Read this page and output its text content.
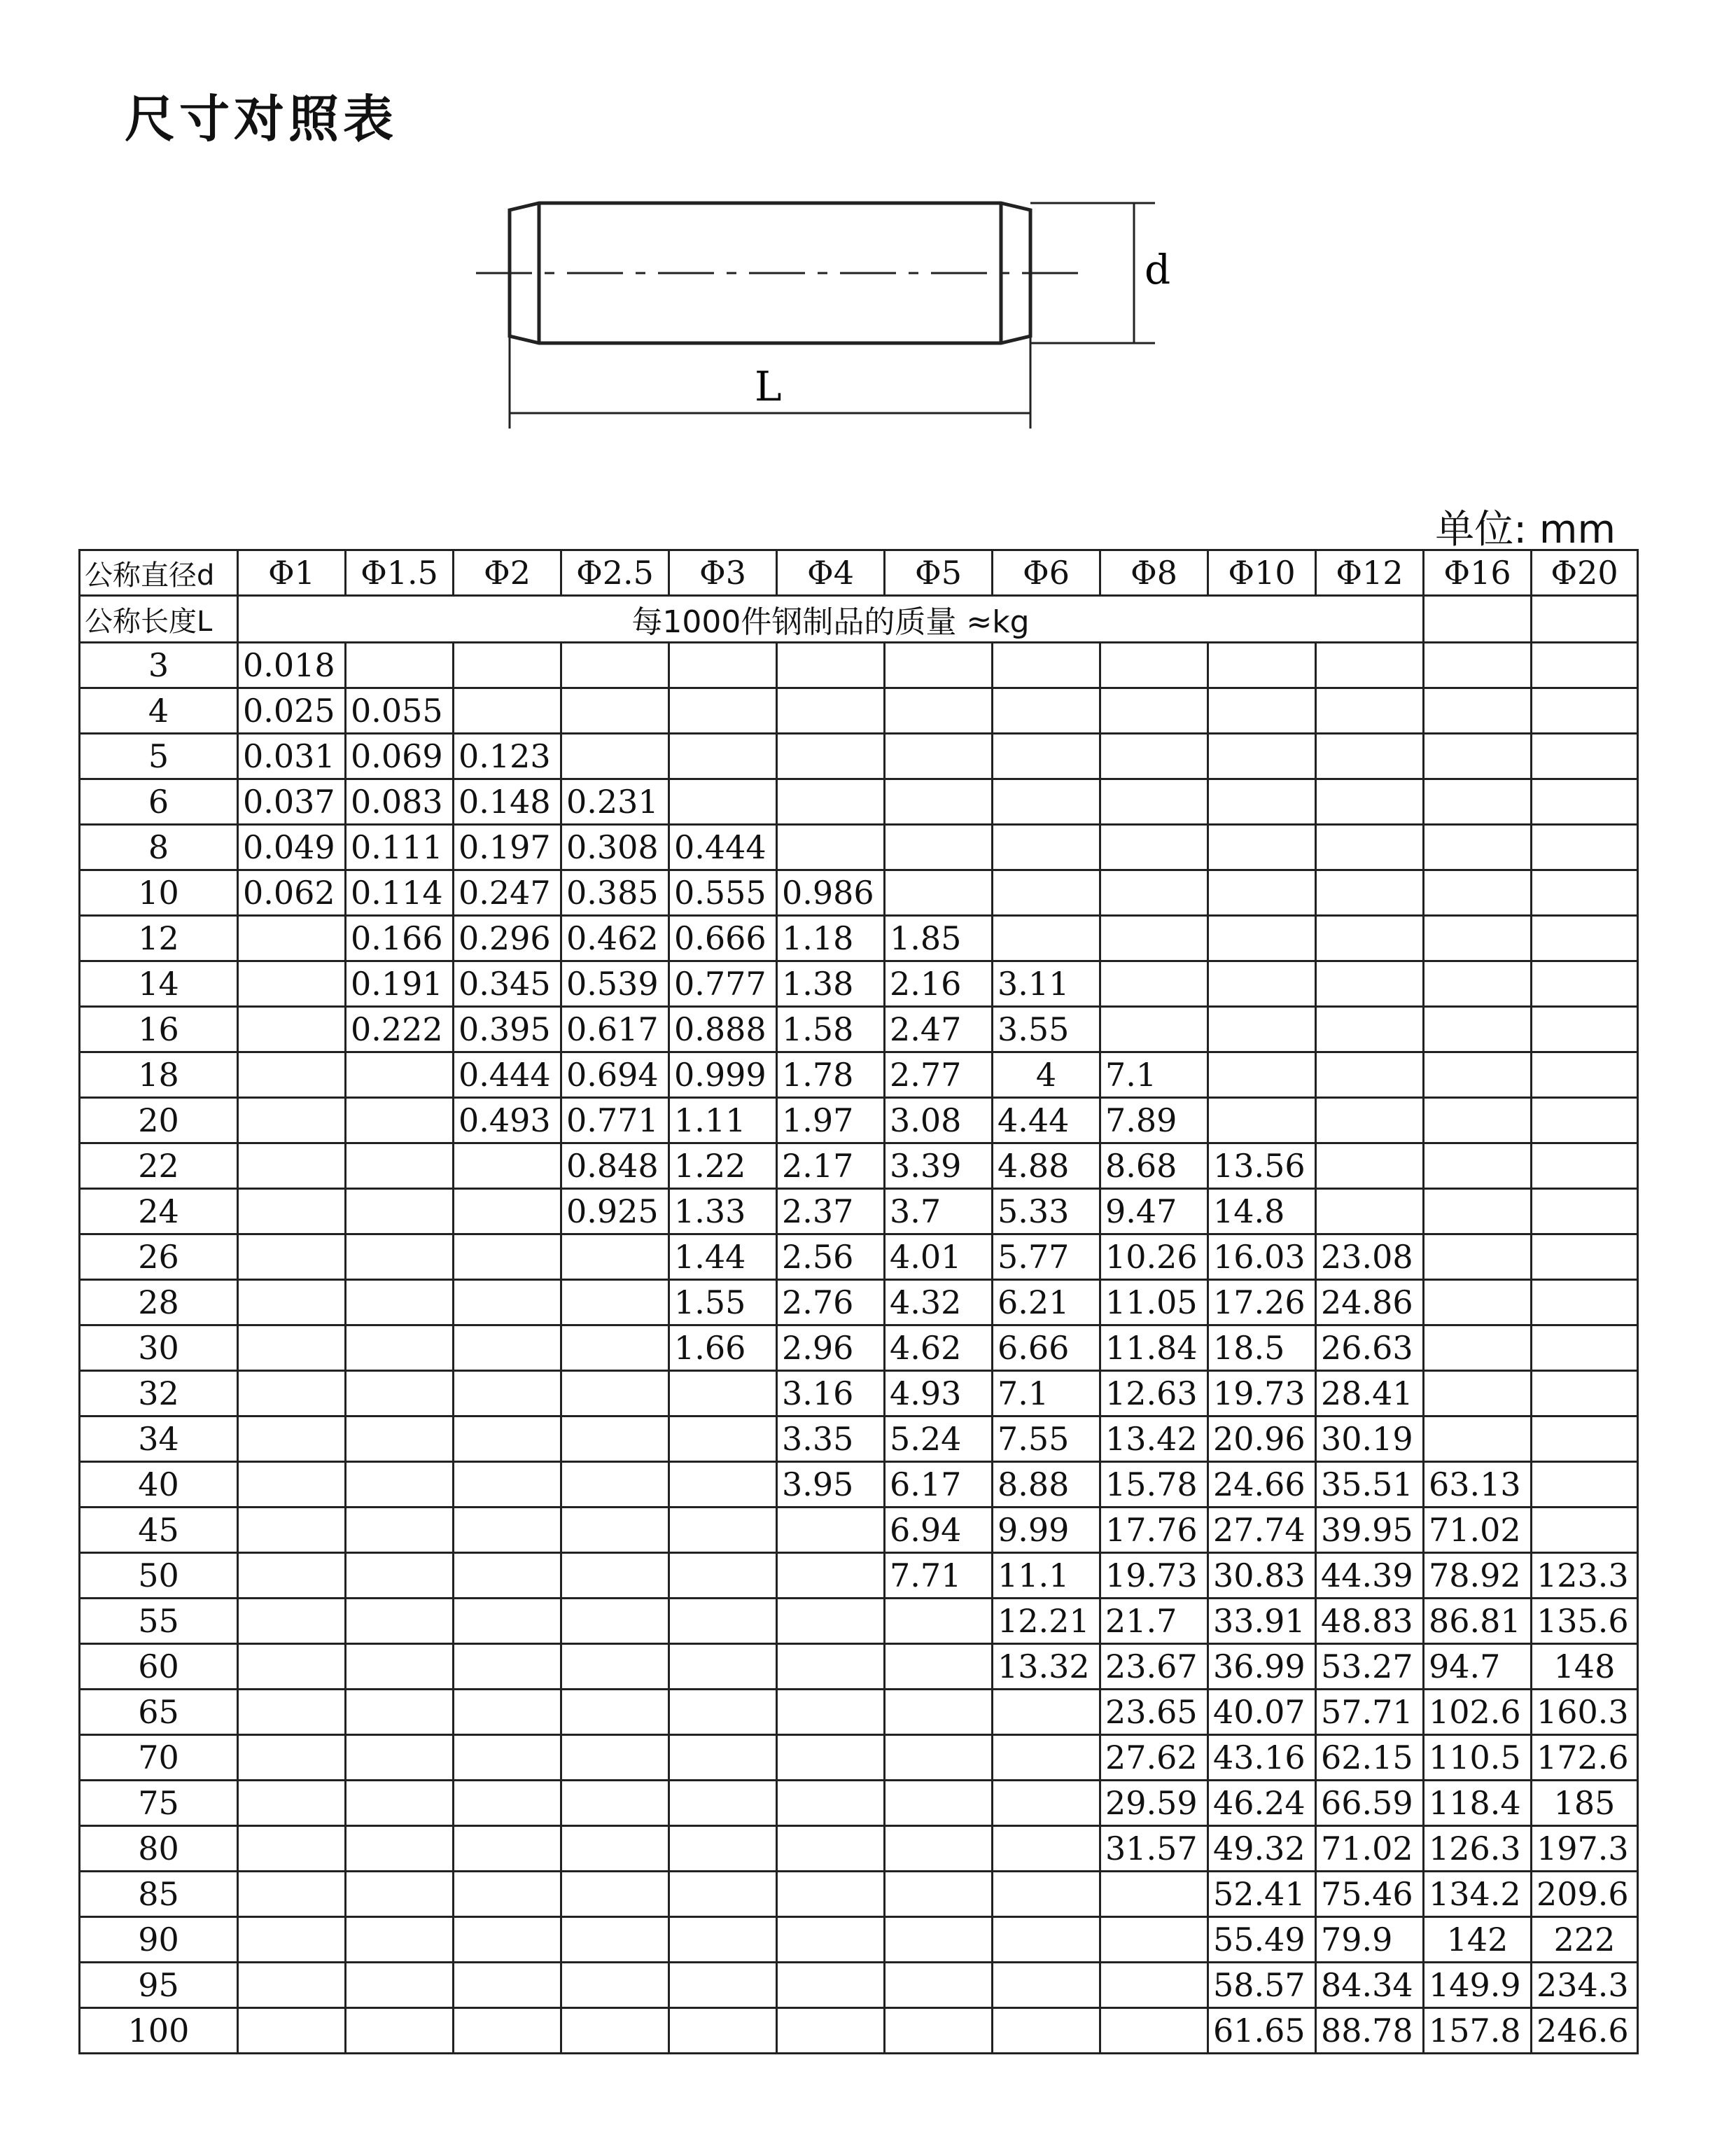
尺寸对照表
d
L
单位: mm
公称直径d	Φ1	Φ1.5	Φ2	Φ2.5	Φ3	Φ4	Φ5	Φ6	Φ8	Φ10	Φ12	Φ16	Φ20
公称长度L	每1000件钢制品的质量 ≈kg												
3	0.018												
4	0.025	0.055											
5	0.031	0.069	0.123										
6	0.037	0.083	0.148	0.231									
8	0.049	0.111	0.197	0.308	0.444								
10	0.062	0.114	0.247	0.385	0.555	0.986							
12		0.166	0.296	0.462	0.666	1.18	1.85						
14		0.191	0.345	0.539	0.777	1.38	2.16	3.11					
16		0.222	0.395	0.617	0.888	1.58	2.47	3.55					
18			0.444	0.694	0.999	1.78	2.77	4	7.1				
20			0.493	0.771	1.11	1.97	3.08	4.44	7.89				
22				0.848	1.22	2.17	3.39	4.88	8.68	13.56			
24				0.925	1.33	2.37	3.7	5.33	9.47	14.8			
26					1.44	2.56	4.01	5.77	10.26	16.03	23.08		
28					1.55	2.76	4.32	6.21	11.05	17.26	24.86		
30					1.66	2.96	4.62	6.66	11.84	18.5	26.63		
32						3.16	4.93	7.1	12.63	19.73	28.41		
34						3.35	5.24	7.55	13.42	20.96	30.19		
40						3.95	6.17	8.88	15.78	24.66	35.51	63.13	
45							6.94	9.99	17.76	27.74	39.95	71.02	
50							7.71	11.1	19.73	30.83	44.39	78.92	123.3
55								12.21	21.7	33.91	48.83	86.81	135.6
60								13.32	23.67	36.99	53.27	94.7	148
65									23.65	40.07	57.71	102.6	160.3
70									27.62	43.16	62.15	110.5	172.6
75									29.59	46.24	66.59	118.4	185
80									31.57	49.32	71.02	126.3	197.3
85										52.41	75.46	134.2	209.6
90										55.49	79.9	142	222
95										58.57	84.34	149.9	234.3
100										61.65	88.78	157.8	246.6
